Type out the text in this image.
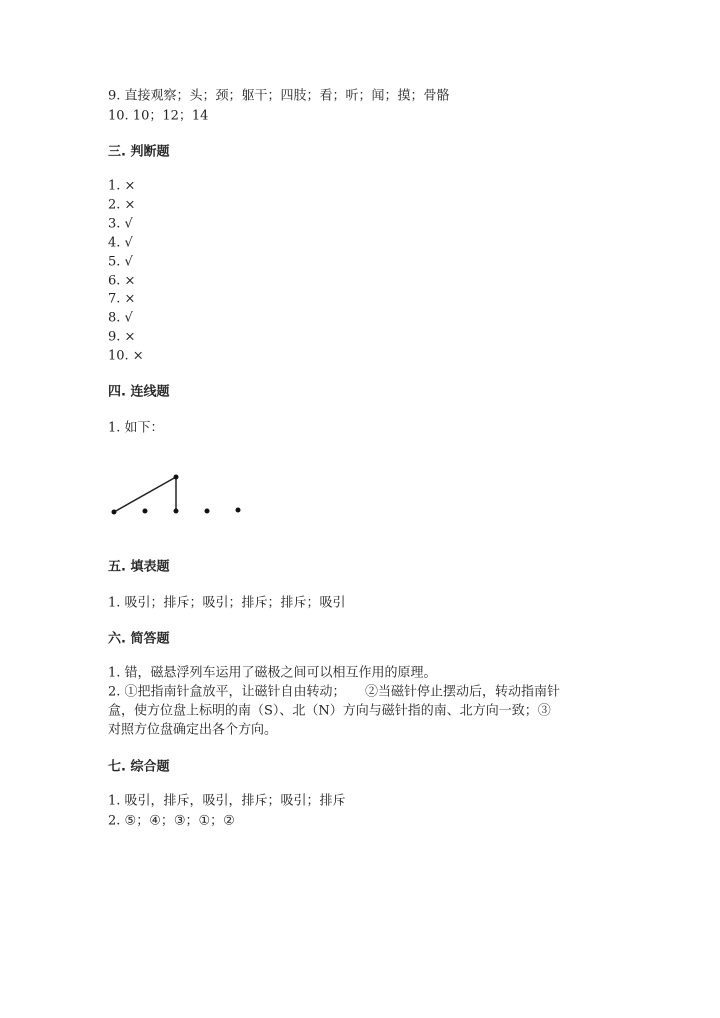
9. 直接观察；头；颈；躯干；四肢；看；听；闻；摸；骨骼
10. 10；12；14
三. 判断题
1. ×
2. ×
3. √
4. √
5. √
6. ×
7. ×
8. √
9. ×
10. ×
四. 连线题
1. 如下：
五. 填表题
1. 吸引；排斥；吸引；排斥；排斥；吸引
六. 简答题
1. 错，磁悬浮列车运用了磁极之间可以相互作用的原理。
2. ①把指南针盒放平，让磁针自由转动；　　②当磁针停止摆动后，转动指南针
盒，使方位盘上标明的南（S）、北（N）方向与磁针指的南、北方向一致；③
对照方位盘确定出各个方向。
七. 综合题
1. 吸引，排斥，吸引，排斥；吸引；排斥
2. ⑤；④；③；①；②
